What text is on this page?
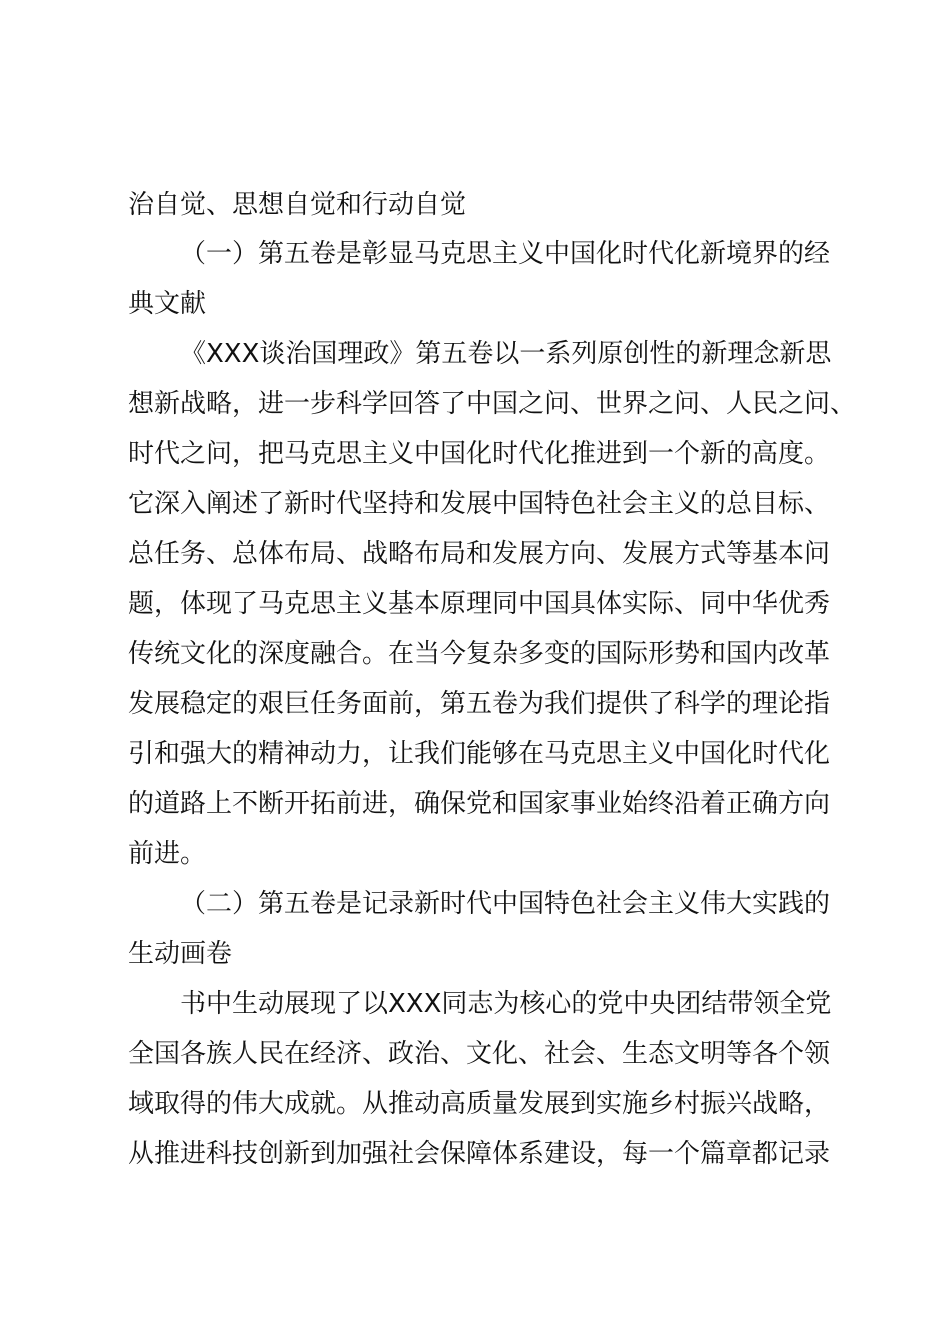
治自觉、思想自觉和行动自觉
（一）第五卷是彰显马克思主义中国化时代化新境界的经
典文献
《XXX谈治国理政》第五卷以一系列原创性的新理念新思
想新战略，进一步科学回答了中国之问、世界之问、人民之问、
时代之问，把马克思主义中国化时代化推进到一个新的高度。
它深入阐述了新时代坚持和发展中国特色社会主义的总目标、
总任务、总体布局、战略布局和发展方向、发展方式等基本问
题，体现了马克思主义基本原理同中国具体实际、同中华优秀
传统文化的深度融合。在当今复杂多变的国际形势和国内改革
发展稳定的艰巨任务面前，第五卷为我们提供了科学的理论指
引和强大的精神动力，让我们能够在马克思主义中国化时代化
的道路上不断开拓前进，确保党和国家事业始终沿着正确方向
前进。
（二）第五卷是记录新时代中国特色社会主义伟大实践的
生动画卷
书中生动展现了以XXX同志为核心的党中央团结带领全党
全国各族人民在经济、政治、文化、社会、生态文明等各个领
域取得的伟大成就。从推动高质量发展到实施乡村振兴战略，
从推进科技创新到加强社会保障体系建设，每一个篇章都记录
